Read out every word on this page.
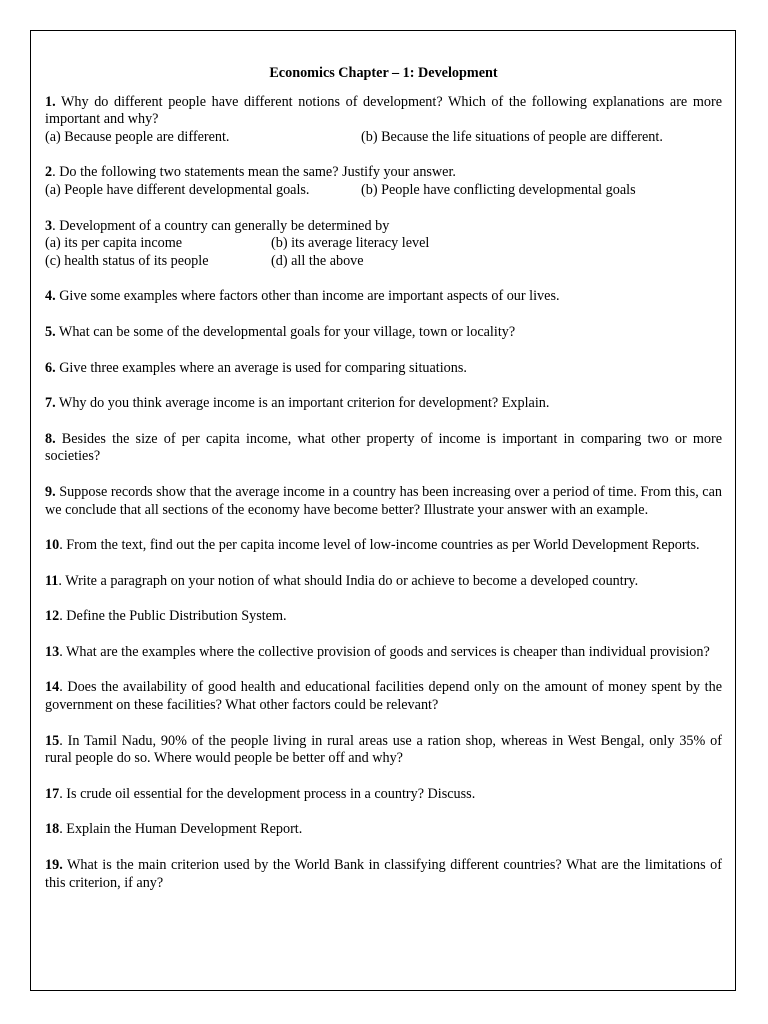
Economics Chapter – 1: Development
1. Why do different people have different notions of development? Which of the following explanations are more important and why?
(a) Because people are different.	(b) Because the life situations of people are different.
2. Do the following two statements mean the same? Justify your answer.
(a) People have different developmental goals.	(b) People have conflicting developmental goals
3. Development of a country can generally be determined by
(a) its per capita income	(b) its average literacy level
(c) health status of its people	(d) all the above
4. Give some examples where factors other than income are important aspects of our lives.
5. What can be some of the developmental goals for your village, town or locality?
6. Give three examples where an average is used for comparing situations.
7. Why do you think average income is an important criterion for development? Explain.
8. Besides the size of per capita income, what other property of income is important in comparing two or more societies?
9. Suppose records show that the average income in a country has been increasing over a period of time. From this, can we conclude that all sections of the economy have become better? Illustrate your answer with an example.
10. From the text, find out the per capita income level of low-income countries as per World Development Reports.
11. Write a paragraph on your notion of what should India do or achieve to become a developed country.
12. Define the Public Distribution System.
13. What are the examples where the collective provision of goods and services is cheaper than individual provision?
14. Does the availability of good health and educational facilities depend only on the amount of money spent by the government on these facilities? What other factors could be relevant?
15. In Tamil Nadu, 90% of the people living in rural areas use a ration shop, whereas in West Bengal, only 35% of rural people do so. Where would people be better off and why?
17. Is crude oil essential for the development process in a country? Discuss.
18. Explain the Human Development Report.
19. What is the main criterion used by the World Bank in classifying different countries? What are the limitations of this criterion, if any?
